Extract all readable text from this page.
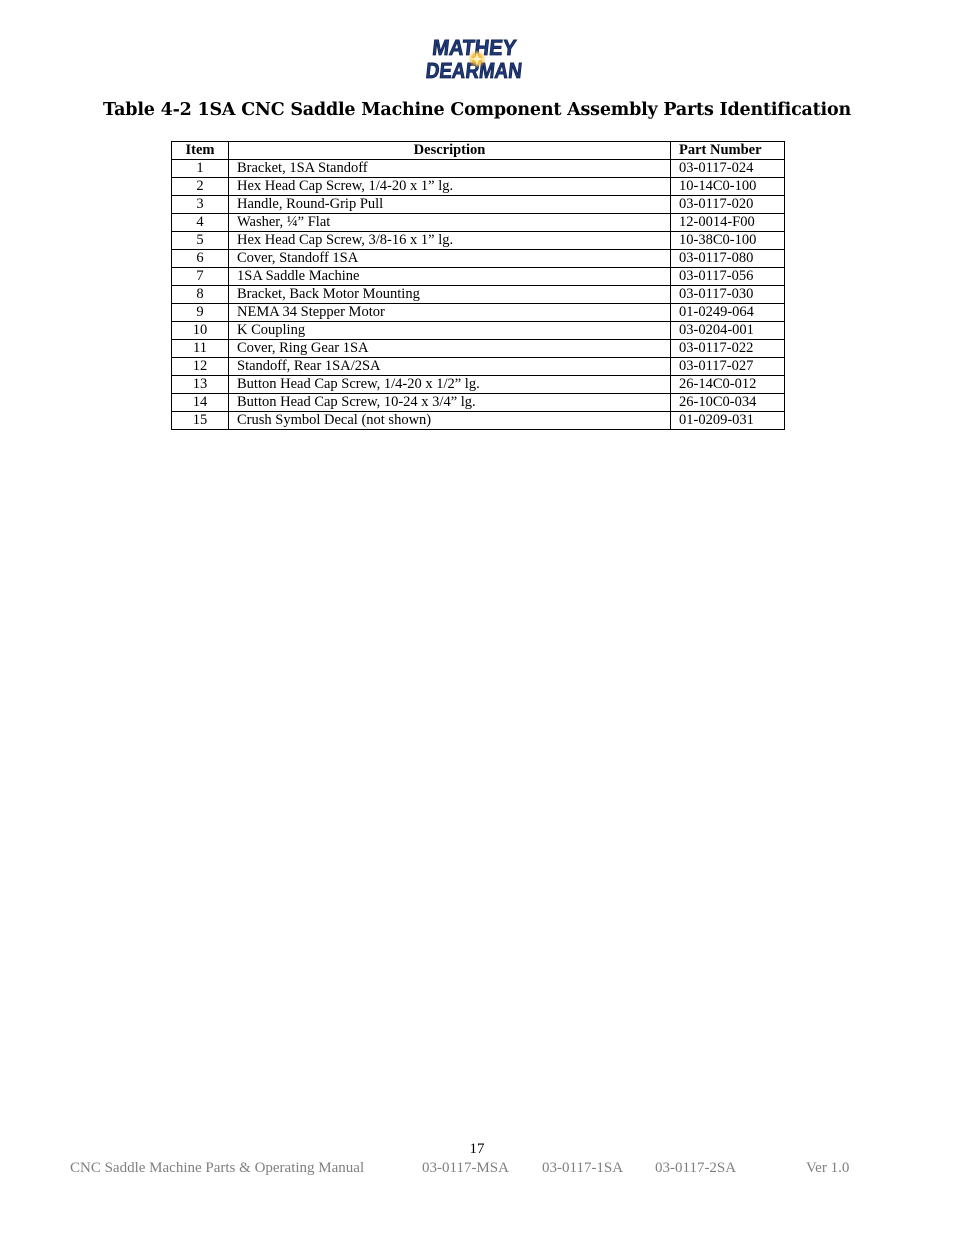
MATHEY
DEARMAN
Table 4-2 1SA CNC Saddle Machine Component Assembly Parts Identification
Item	Description	Part Number
1	Bracket, 1SA Standoff	03-0117-024
2	Hex Head Cap Screw, 1/4-20 x 1” lg.	10-14C0-100
3	Handle, Round-Grip Pull	03-0117-020
4	Washer, ¼” Flat	12-0014-F00
5	Hex Head Cap Screw, 3/8-16 x 1” lg.	10-38C0-100
6	Cover, Standoff 1SA	03-0117-080
7	1SA Saddle Machine	03-0117-056
8	Bracket, Back Motor Mounting	03-0117-030
9	NEMA 34 Stepper Motor	01-0249-064
10	K Coupling	03-0204-001
11	Cover, Ring Gear 1SA	03-0117-022
12	Standoff, Rear 1SA/2SA	03-0117-027
13	Button Head Cap Screw, 1/4-20 x 1/2” lg.	26-14C0-012
14	Button Head Cap Screw, 10-24 x 3/4” lg.	26-10C0-034
15	Crush Symbol Decal (not shown)	01-0209-031
17
CNC Saddle Machine Parts & Operating Manual	03-0117-MSA 03-0117-1SA 03-0117-2SA	Ver 1.0
